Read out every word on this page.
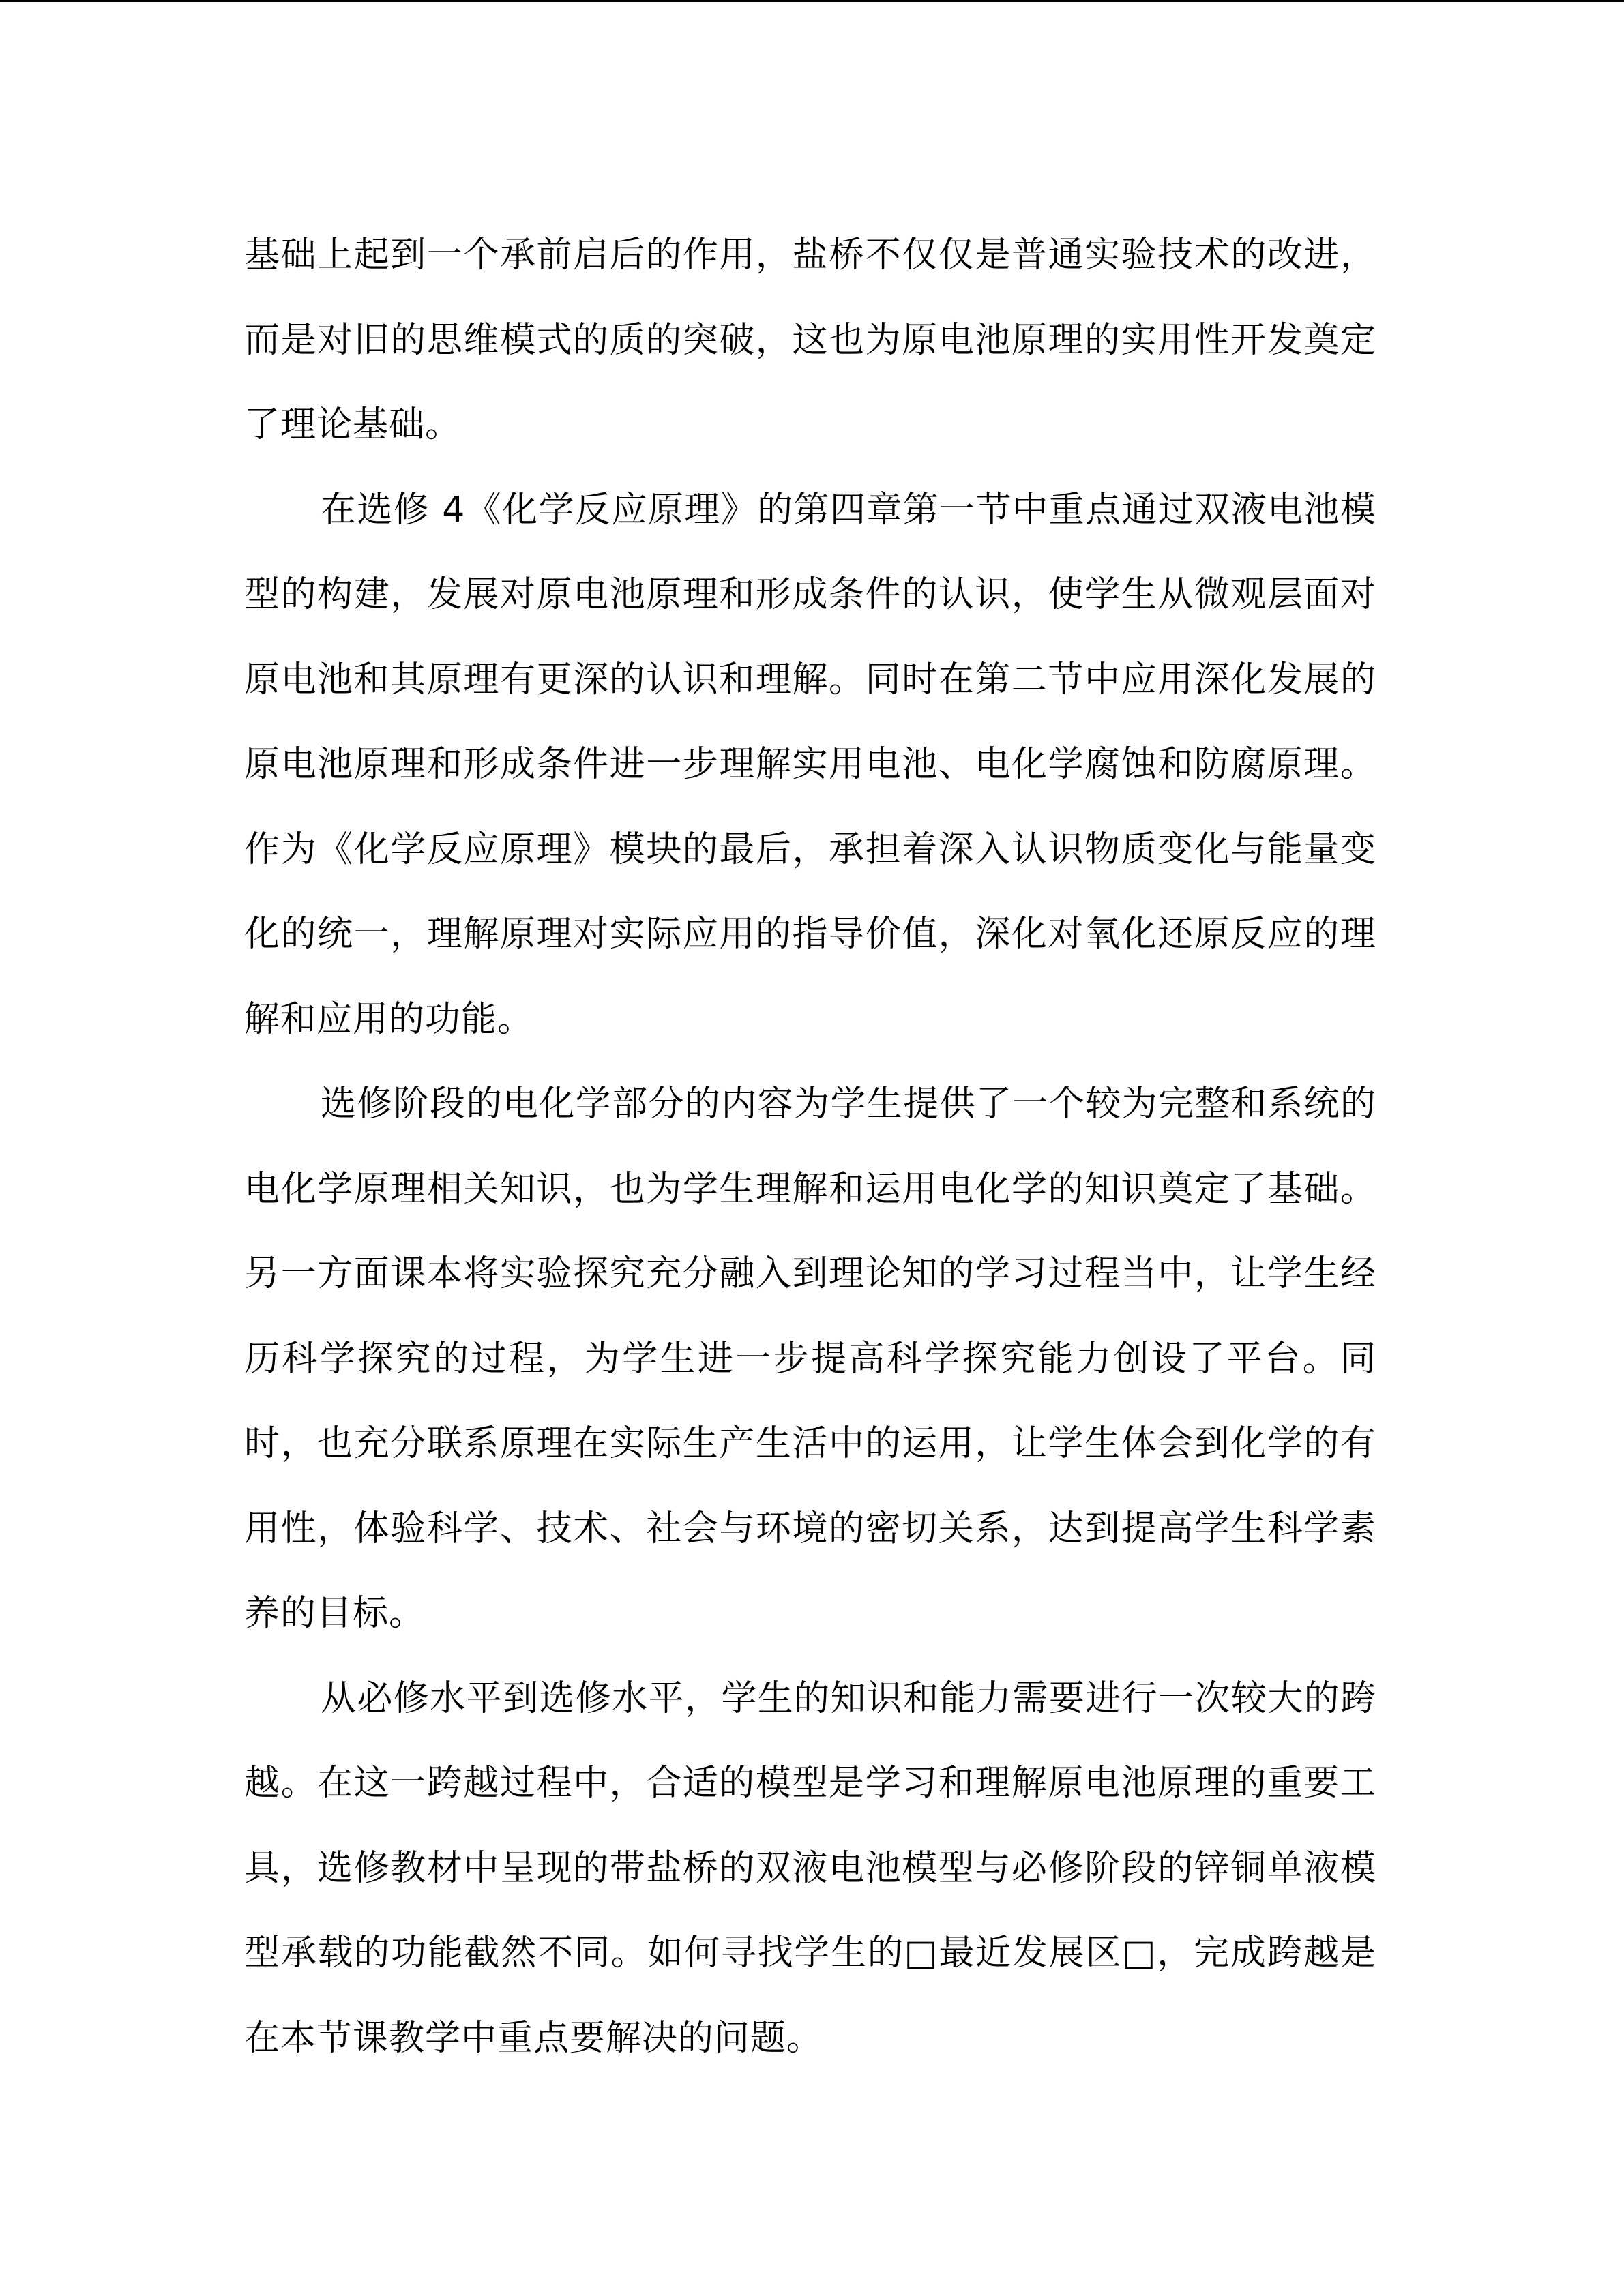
基础上起到一个承前启后的作用，盐桥不仅仅是普通实验技术的改进，而是对旧的思维模式的质的突破，这也为原电池原理的实用性开发奠定了理论基础。

在选修 4《化学反应原理》的第四章第一节中重点通过双液电池模型的构建，发展对原电池原理和形成条件的认识，使学生从微观层面对原电池和其原理有更深的认识和理解。同时在第二节中应用深化发展的原电池原理和形成条件进一步理解实用电池、电化学腐蚀和防腐原理。作为《化学反应原理》模块的最后，承担着深入认识物质变化与能量变化的统一，理解原理对实际应用的指导价值，深化对氧化还原反应的理解和应用的功能。

选修阶段的电化学部分的内容为学生提供了一个较为完整和系统的电化学原理相关知识，也为学生理解和运用电化学的知识奠定了基础。另一方面课本将实验探究充分融入到理论知的学习过程当中，让学生经历科学探究的过程，为学生进一步提高科学探究能力创设了平台。同时，也充分联系原理在实际生产生活中的运用，让学生体会到化学的有用性，体验科学、技术、社会与环境的密切关系，达到提高学生科学素养的目标。

从必修水平到选修水平，学生的知识和能力需要进行一次较大的跨越。在这一跨越过程中，合适的模型是学习和理解原电池原理的重要工具，选修教材中呈现的带盐桥的双液电池模型与必修阶段的锌铜单液模型承载的功能截然不同。如何寻找学生的□最近发展区□，完成跨越是在本节课教学中重点要解决的问题。
